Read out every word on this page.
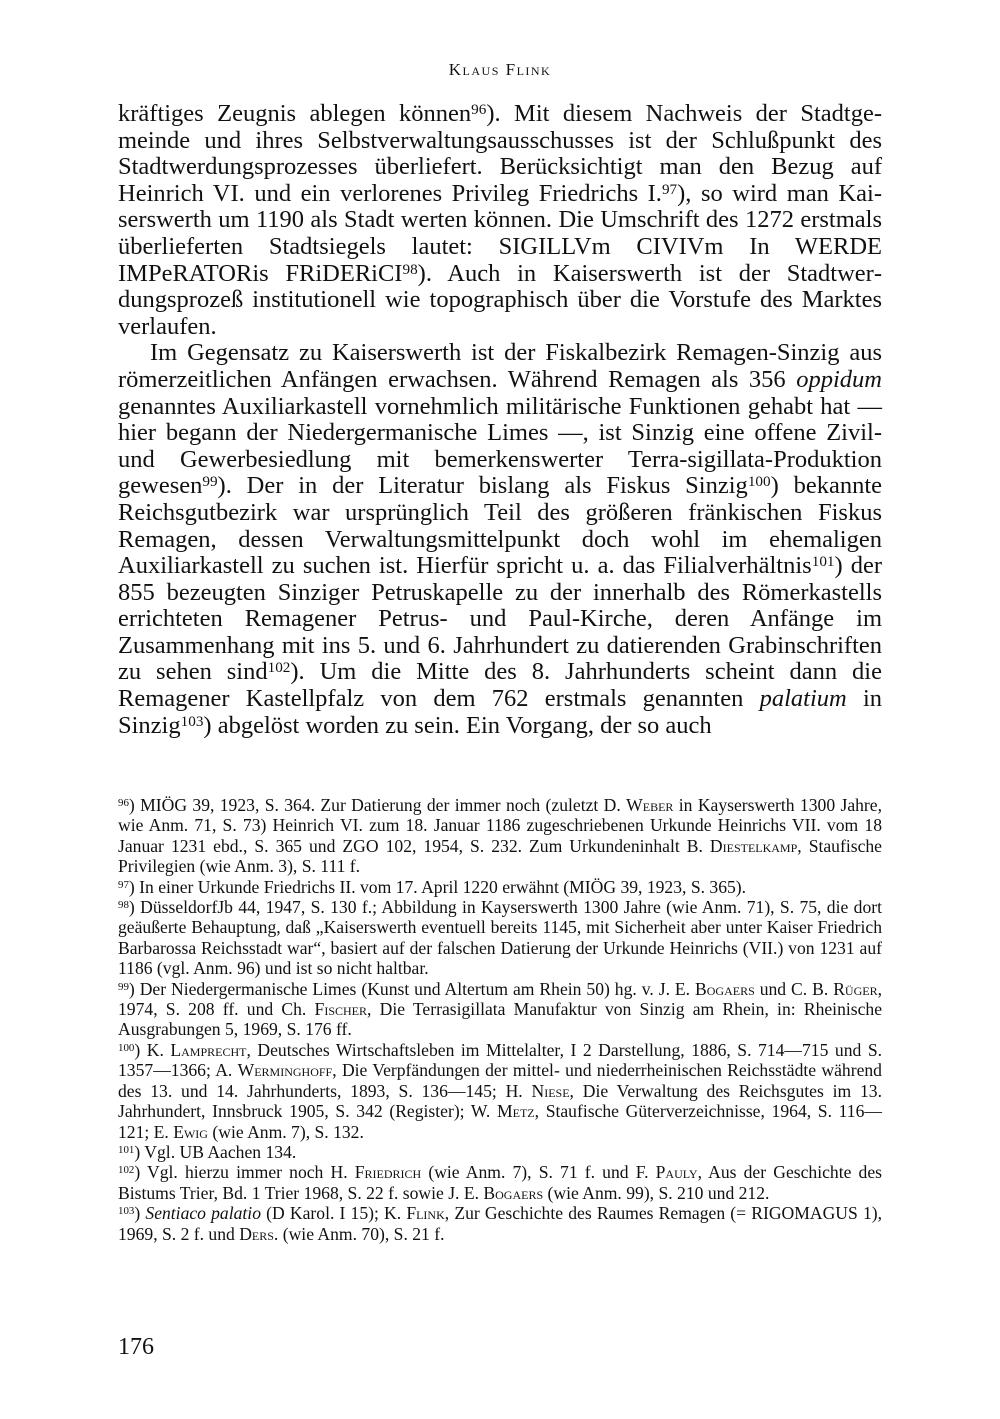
Klaus Flink

kräftiges Zeugnis ablegen können$^{96}$). Mit diesem Nachweis der Stadtgemeinde und ihres Selbstverwaltungsausschusses ist der Schlußpunkt des Stadtwerdungsprozesses überliefert. Berücksichtigt man den Bezug auf Heinrich VI. und ein verlorenes Privileg Friedrichs I.$^{97}$), so wird man Kaiserswerth um 1190 als Stadt werten können. Die Umschrift des 1272 erstmals überlieferten Stadtsiegels lautet: SIGILLVm CIVIVm In WERDE IMPeRATORis FRiDERiCI$^{98}$). Auch in Kaiserswerth ist der Stadtwerdungsprozeß institutionell wie topographisch über die Vorstufe des Marktes verlaufen.

Im Gegensatz zu Kaiserswerth ist der Fiskalbezirk Remagen-Sinzig aus römerzeitlichen Anfängen erwachsen. Während Remagen als 356 oppidum genanntes Auxiliarkastell vornehmlich militärische Funktionen gehabt hat — hier begann der Niedergermanische Limes —, ist Sinzig eine offene Zivil- und Gewerbesiedlung mit bemerkenswerter Terra-sigillata-Produktion gewesen$^{99}$). Der in der Literatur bislang als Fiskus Sinzig$^{100}$) bekannte Reichsgutbezirk war ursprünglich Teil des größeren fränkischen Fiskus Remagen, dessen Verwaltungsmittelpunkt doch wohl im ehemaligen Auxiliarkastell zu suchen ist. Hierfür spricht u. a. das Filialverhältnis$^{101}$) der 855 bezeugten Sinziger Petruskapelle zu der innerhalb des Römerkastells errichteten Remagener Petrus- und Paul-Kirche, deren Anfänge im Zusammenhang mit ins 5. und 6. Jahrhundert zu datierenden Grabinschriften zu sehen sind$^{102}$). Um die Mitte des 8. Jahrhunderts scheint dann die Remagener Kastellpfalz von dem 762 erstmals genannten palatium in Sinzig$^{103}$) abgelöst worden zu sein. Ein Vorgang, der so auch

$^{96}$) MIÖG 39, 1923, S. 364. Zur Datierung der immer noch (zuletzt D. Weber in Kayserswerth 1300 Jahre, wie Anm. 71, S. 73) Heinrich VI. zum 18. Januar 1186 zugeschriebenen Urkunde Heinrichs VII. vom 18 Januar 1231 ebd., S. 365 und ZGO 102, 1954, S. 232. Zum Urkundeninhalt B. Diestelkamp, Staufische Privilegien (wie Anm. 3), S. 111 f.

$^{97}$) In einer Urkunde Friedrichs II. vom 17. April 1220 erwähnt (MIÖG 39, 1923, S. 365).

$^{98}$) DüsseldorfJb 44, 1947, S. 130 f.; Abbildung in Kayserswerth 1300 Jahre (wie Anm. 71), S. 75, die dort geäußerte Behauptung, daß „Kaiserswerth eventuell bereits 1145, mit Sicherheit aber unter Kaiser Friedrich Barbarossa Reichsstadt war“, basiert auf der falschen Datierung der Urkunde Heinrichs (VII.) von 1231 auf 1186 (vgl. Anm. 96) und ist so nicht haltbar.

$^{99}$) Der Niedergermanische Limes (Kunst und Altertum am Rhein 50) hg. v. J. E. Bogaers und C. B. Rüger, 1974, S. 208 ff. und Ch. Fischer, Die Terrasigillata Manufaktur von Sinzig am Rhein, in: Rheinische Ausgrabungen 5, 1969, S. 176 ff.

$^{100}$) K. Lamprecht, Deutsches Wirtschaftsleben im Mittelalter, I 2 Darstellung, 1886, S. 714—715 und S. 1357—1366; A. Werminghoff, Die Verpfändungen der mittel- und niederrheinischen Reichsstädte während des 13. und 14. Jahrhunderts, 1893, S. 136—145; H. Niese, Die Verwaltung des Reichsgutes im 13. Jahrhundert, Innsbruck 1905, S. 342 (Register); W. Metz, Staufische Güterverzeichnisse, 1964, S. 116—121; E. Ewig (wie Anm. 7), S. 132.

$^{101}$) Vgl. UB Aachen 134.

$^{102}$) Vgl. hierzu immer noch H. Friedrich (wie Anm. 7), S. 71 f. und F. Pauly, Aus der Geschichte des Bistums Trier, Bd. 1 Trier 1968, S. 22 f. sowie J. E. Bogaers (wie Anm. 99), S. 210 und 212.

$^{103}$) Sentiaco palatio (D Karol. I 15); K. Flink, Zur Geschichte des Raumes Remagen (= RIGOMAGUS 1), 1969, S. 2 f. und Ders. (wie Anm. 70), S. 21 f.

176
